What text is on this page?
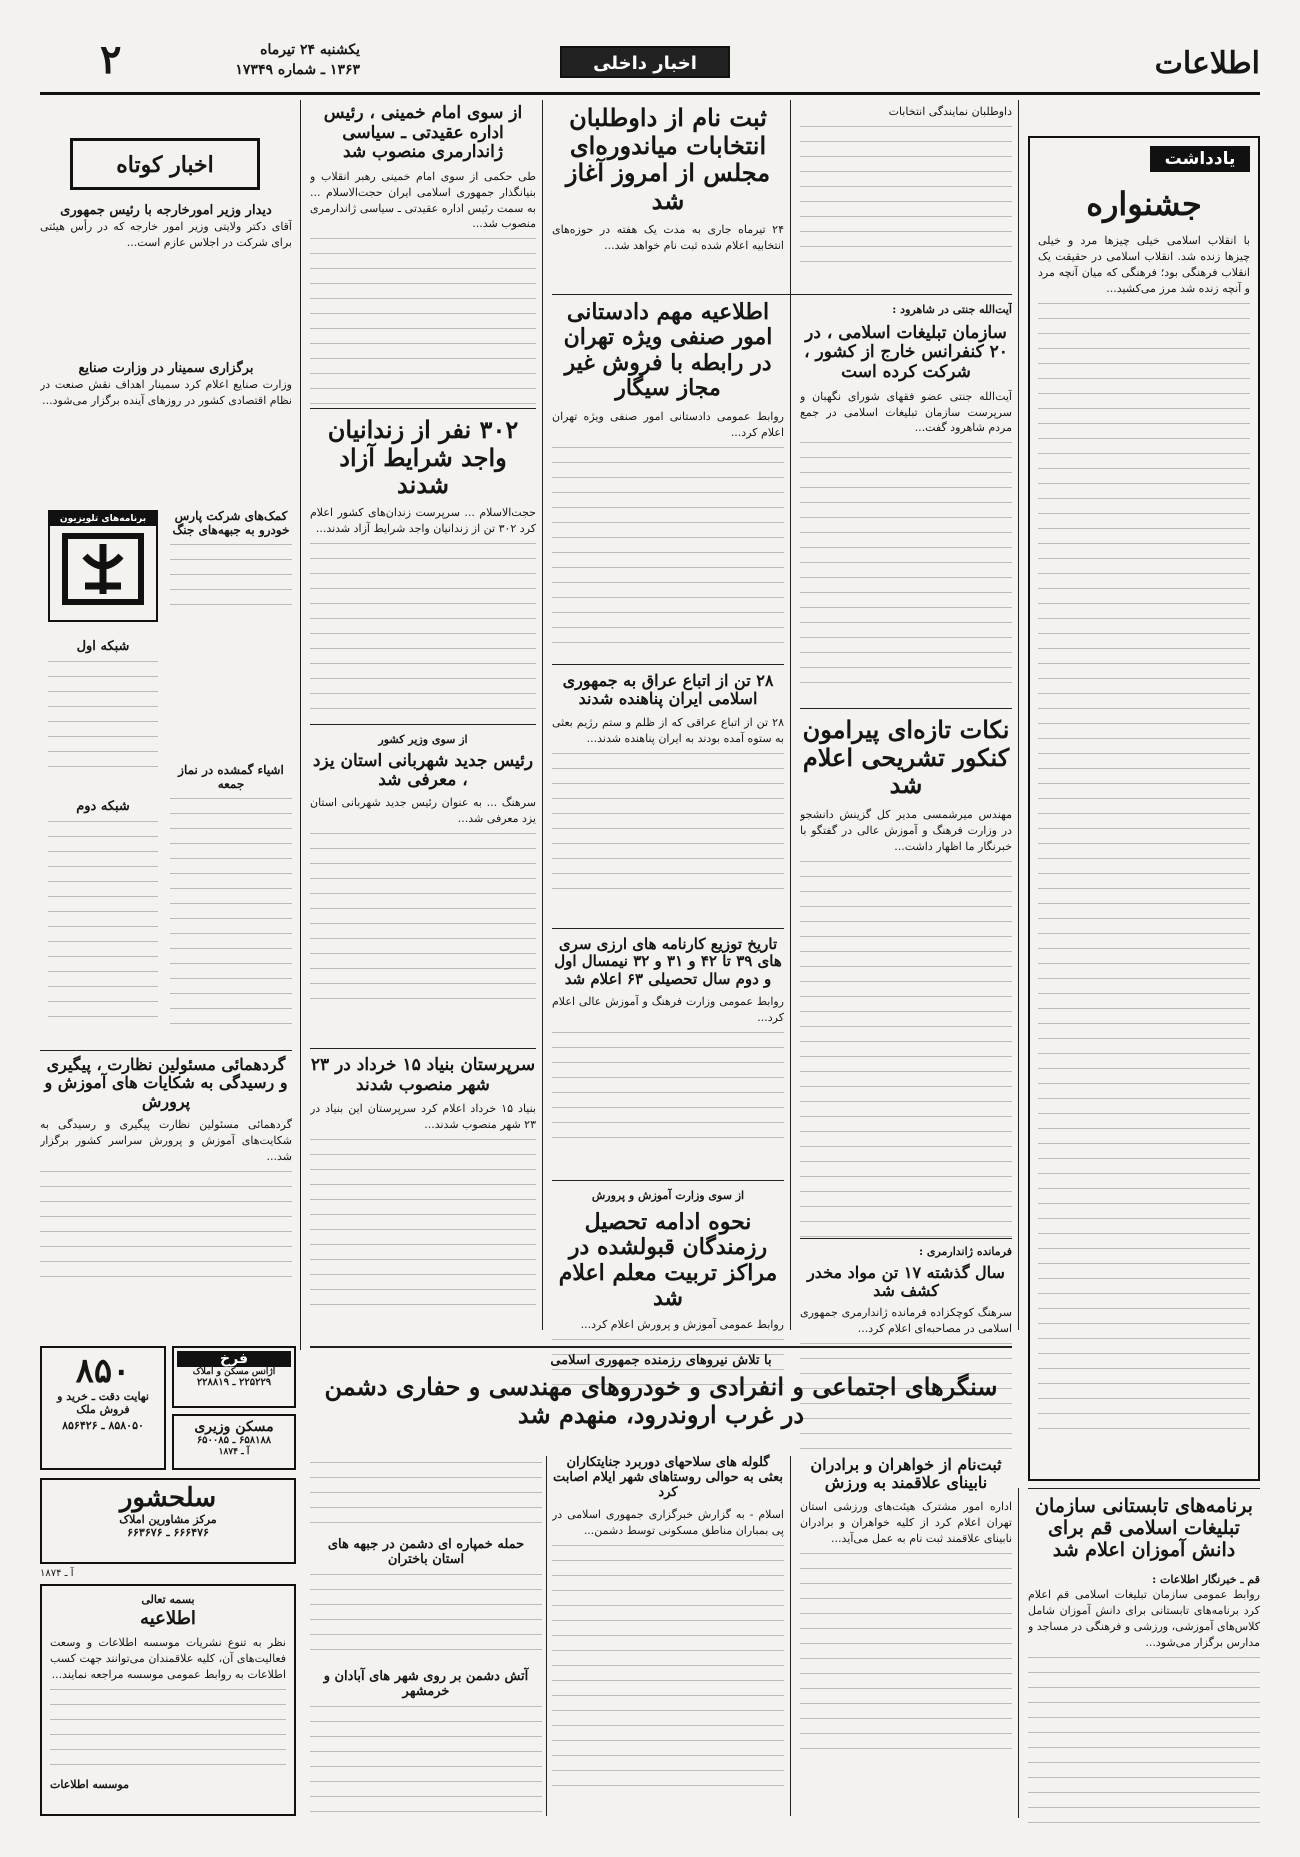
اطلاعات
اخبار داخلی
یکشنبه ۲۴ تیرماه
۱۳۶۳ ـ شماره ۱۷۳۴۹
۲
یادداشت
جشنواره
با انقلاب اسلامی خیلی چیزها مرد و خیلی چیزها زنده شد. انقلاب اسلامی در حقیقت یک انقلاب فرهنگی بود؛ فرهنگی که میان آنچه مرد و آنچه زنده شد مرز می‌کشید...
برنامه‌های تابستانی سازمان تبلیغات اسلامی قم برای دانش آموزان اعلام شد
قم ـ خبرنگار اطلاعات :
روابط عمومی سازمان تبلیغات اسلامی قم اعلام کرد برنامه‌های تابستانی برای دانش آموزان شامل کلاس‌های آموزشی، ورزشی و فرهنگی در مساجد و مدارس برگزار می‌شود...
داوطلبان نمایندگی انتخابات
ثبت نام از داوطلبان انتخابات میاندوره‌ای مجلس از امروز آغاز شد
۲۴ تیرماه جاری به مدت یک هفته در حوزه‌های انتخابیه اعلام شده ثبت نام خواهد شد...
آیت‌الله جنتی در شاهرود :
سازمان تبلیغات اسلامی ، در ۲۰ کنفرانس خارج از کشور ، شرکت کرده است
آیت‌الله جنتی عضو فقهای شورای نگهبان و سرپرست سازمان تبلیغات اسلامی در جمع مردم شاهرود گفت...
نکات تازه‌ای پیرامون کنکور تشریحی اعلام شد
مهندس میرشمسی مدیر کل گزینش دانشجو در وزارت فرهنگ و آموزش عالی در گفتگو با خبرنگار ما اظهار داشت...
فرمانده ژاندارمری :
سال گذشته ۱۷ تن مواد مخدر کشف شد
سرهنگ کوچکزاده فرمانده ژاندارمری جمهوری اسلامی در مصاحبه‌ای اعلام کرد...
اطلاعیه مهم دادستانی امور صنفی ویژه تهران در رابطه با فروش غیر مجاز سیگار
روابط عمومی دادستانی امور صنفی ویژه تهران اعلام کرد...
۲۸ تن از اتباع عراق به جمهوری اسلامی ایران پناهنده شدند
۲۸ تن از اتباع عراقی که از ظلم و ستم رژیم بعثی به ستوه آمده بودند به ایران پناهنده شدند...
تاریخ توزیع کارنامه های ارزی سری های ۳۹ تا ۴۲ و ۳۱ و ۳۲ نیمسال اول و دوم سال تحصیلی ۶۳ اعلام شد
روابط عمومی وزارت فرهنگ و آموزش عالی اعلام کرد...
از سوی وزارت آموزش و پرورش
نحوه ادامه تحصیل رزمندگان قبولشده در مراکز تربیت معلم اعلام شد
روابط عمومی آموزش و پرورش اعلام کرد...
از سوی امام خمینی ، رئیس اداره عقیدتی ـ سیاسی ژاندارمری منصوب شد
طی حکمی از سوی امام خمینی رهبر انقلاب و بنیانگذار جمهوری اسلامی ایران حجت‌الاسلام ... به سمت رئیس اداره عقیدتی ـ سیاسی ژاندارمری منصوب شد...
۳۰۲ نفر از زندانیان واجد شرایط آزاد شدند
حجت‌الاسلام ... سرپرست زندان‌های کشور اعلام کرد ۳۰۲ تن از زندانیان واجد شرایط آزاد شدند...
از سوی وزیر کشور
رئیس جدید شهربانی استان یزد ، معرفی شد
سرهنگ ... به عنوان رئیس جدید شهربانی استان یزد معرفی شد...
سرپرستان بنیاد ۱۵ خرداد در ۲۳ شهر منصوب شدند
بنیاد ۱۵ خرداد اعلام کرد سرپرستان این بنیاد در ۲۳ شهر منصوب شدند...
اخبار کوتاه
دیدار وزیر امورخارجه با رئیس جمهوری
آقای دکتر ولایتی وزیر امور خارجه که در رأس هیئتی برای شرکت در اجلاس عازم است...
برگزاری سمینار در وزارت صنایع
وزارت صنایع اعلام کرد سمینار اهداف نقش صنعت در نظام اقتصادی کشور در روزهای آینده برگزار می‌شود...
برنامه‌های تلویزیون	کمک‌های شرکت پارس خودرو به جبهه‌های جنگ
شبکه اول
شبکه دوم
اشیاء گمشده در نماز جمعه
گردهمائی مسئولین نظارت ، پیگیری و رسیدگی به شکایات های آموزش و پرورش
گردهمائی مسئولین نظارت پیگیری و رسیدگی به شکایت‌های آموزش و پرورش سراسر کشور برگزار شد...
با تلاش نیروهای رزمنده جمهوری اسلامی
سنگرهای اجتماعی و انفرادی و خودروهای مهندسی و حفاری دشمن در غرب اروندرود، منهدم شد
گلوله های سلاحهای دوربرد جنایتکاران بعثی به حوالی روستاهای شهر ایلام اصابت کرد
اسلام - به گزارش خبرگزاری جمهوری اسلامی در پی بمباران مناطق مسکونی توسط دشمن...
حمله خمپاره ای دشمن در جبهه های استان باختران
آتش دشمن بر روی شهر های آبادان و خرمشهر
ثبت‌نام از خواهران و برادران نابینای علاقمند به ورزش
اداره امور مشترک هیئت‌های ورزشی استان تهران اعلام کرد از کلیه خواهران و برادران نابینای علاقمند ثبت نام به عمل می‌آید...
۸۵۰
نهایت دقت ـ خرید و فروش ملک
۸۵۸۰۵۰ ـ ۸۵۶۴۲۶
فرخ
آژانس مسکن و املاک
۲۲۵۲۲۹ ـ ۲۲۸۸۱۹
مسکن وزیری
۶۵۸۱۸۸ ـ ۶۵۰۰۸۵
آ ـ ۱۸۷۴
سلحشور
مرکز مشاورین املاک
۶۶۶۴۷۶ ـ ۶۶۳۶۷۶
آ ـ ۱۸۷۴
بسمه تعالی
اطلاعیه
نظر به تنوع نشریات موسسه اطلاعات و وسعت فعالیت‌های آن، کلیه علاقمندان می‌توانند جهت کسب اطلاعات به روابط عمومی موسسه مراجعه نمایند...
موسسه اطلاعات
